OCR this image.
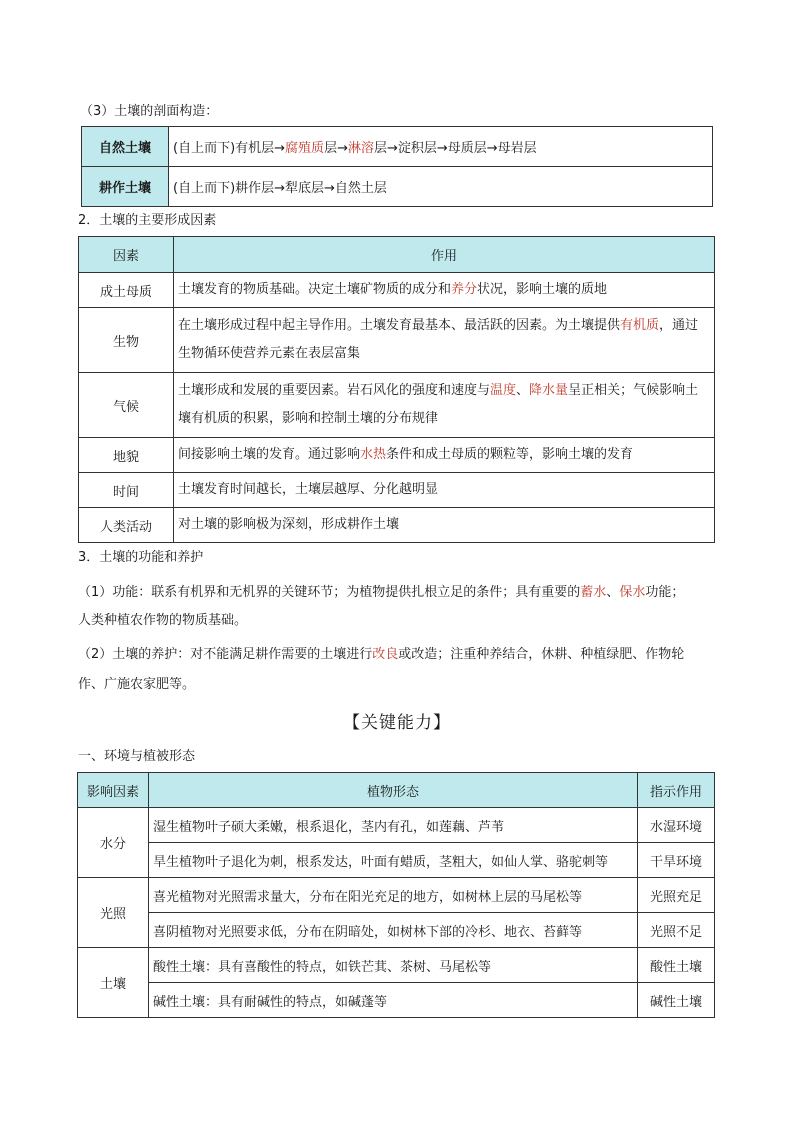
（3）土壤的剖面构造：
自然土壤	(自上而下)有机层→腐殖质层→淋溶层→淀积层→母质层→母岩层
耕作土壤	(自上而下)耕作层→犁底层→自然土层
2．土壤的主要形成因素
因素	作用
成土母质	土壤发育的物质基础。决定土壤矿物质的成分和养分状况，影响土壤的质地
生物	在土壤形成过程中起主导作用。土壤发育最基本、最活跃的因素。为土壤提供有机质，通过生物循环使营养元素在表层富集
气候	土壤形成和发展的重要因素。岩石风化的强度和速度与温度、降水量呈正相关；气候影响土壤有机质的积累，影响和控制土壤的分布规律
地貌	间接影响土壤的发育。通过影响水热条件和成土母质的颗粒等，影响土壤的发育
时间	土壤发育时间越长，土壤层越厚、分化越明显
人类活动	对土壤的影响极为深刻，形成耕作土壤
3．土壤的功能和养护
（1）功能：联系有机界和无机界的关键环节；为植物提供扎根立足的条件；具有重要的蓄水、保水功能；
人类种植农作物的物质基础。
（2）土壤的养护：对不能满足耕作需要的土壤进行改良或改造；注重种养结合，休耕、种植绿肥、作物轮
作、广施农家肥等。
【关键能力】
一、环境与植被形态
影响因素	植物形态	指示作用
水分	湿生植物叶子硕大柔嫩，根系退化，茎内有孔，如莲藕、芦苇	水湿环境
	旱生植物叶子退化为刺，根系发达，叶面有蜡质，茎粗大，如仙人掌、骆驼刺等	干旱环境
光照	喜光植物对光照需求量大，分布在阳光充足的地方，如树林上层的马尾松等	光照充足
	喜阴植物对光照要求低，分布在阴暗处，如树林下部的冷杉、地衣、苔藓等	光照不足
土壤	酸性土壤：具有喜酸性的特点，如铁芒萁、茶树、马尾松等	酸性土壤
	碱性土壤：具有耐碱性的特点，如碱蓬等	碱性土壤
